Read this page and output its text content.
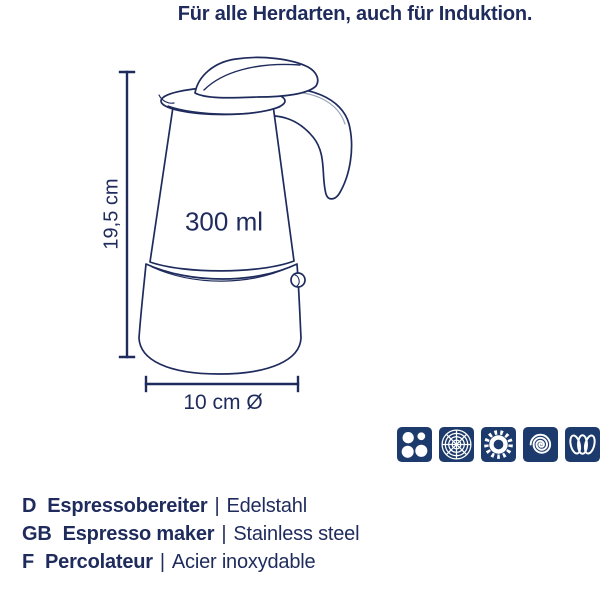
Für alle Herdarten, auch für Induktion.
300 ml
19,5 cm
10 cm Ø
D Espressobereiter | Edelstahl
GB Espresso maker | Stainless steel
F Percolateur | Acier inoxydable
